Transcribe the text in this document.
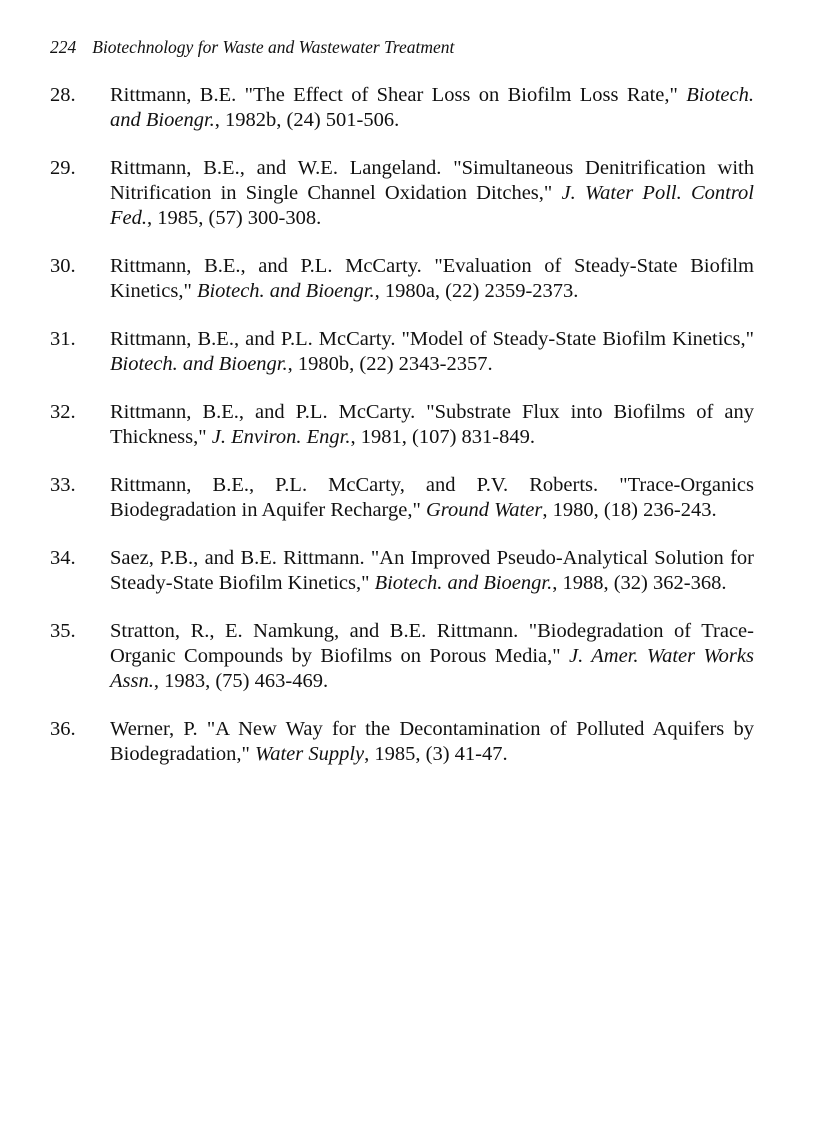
224 Biotechnology for Waste and Wastewater Treatment
28.	Rittmann, B.E. "The Effect of Shear Loss on Biofilm Loss Rate," Biotech. and Bioengr., 1982b, (24) 501-506.
29.	Rittmann, B.E., and W.E. Langeland. "Simultaneous Denitrification with Nitrification in Single Channel Oxidation Ditches," J. Water Poll. Control Fed., 1985, (57) 300-308.
30.	Rittmann, B.E., and P.L. McCarty. "Evaluation of Steady-State Biofilm Kinetics," Biotech. and Bioengr., 1980a, (22) 2359-2373.
31.	Rittmann, B.E., and P.L. McCarty. "Model of Steady-State Biofilm Kinetics," Biotech. and Bioengr., 1980b, (22) 2343-2357.
32.	Rittmann, B.E., and P.L. McCarty. "Substrate Flux into Biofilms of any Thickness," J. Environ. Engr., 1981, (107) 831-849.
33.	Rittmann, B.E., P.L. McCarty, and P.V. Roberts. "Trace-Organics Biodegradation in Aquifer Recharge," Ground Water, 1980, (18) 236-243.
34.	Saez, P.B., and B.E. Rittmann. "An Improved Pseudo-Analytical Solution for Steady-State Biofilm Kinetics," Biotech. and Bioengr., 1988, (32) 362-368.
35.	Stratton, R., E. Namkung, and B.E. Rittmann. "Biodegradation of Trace-Organic Compounds by Biofilms on Porous Media," J. Amer. Water Works Assn., 1983, (75) 463-469.
36.	Werner, P. "A New Way for the Decontamination of Polluted Aquifers by Biodegradation," Water Supply, 1985, (3) 41-47.
